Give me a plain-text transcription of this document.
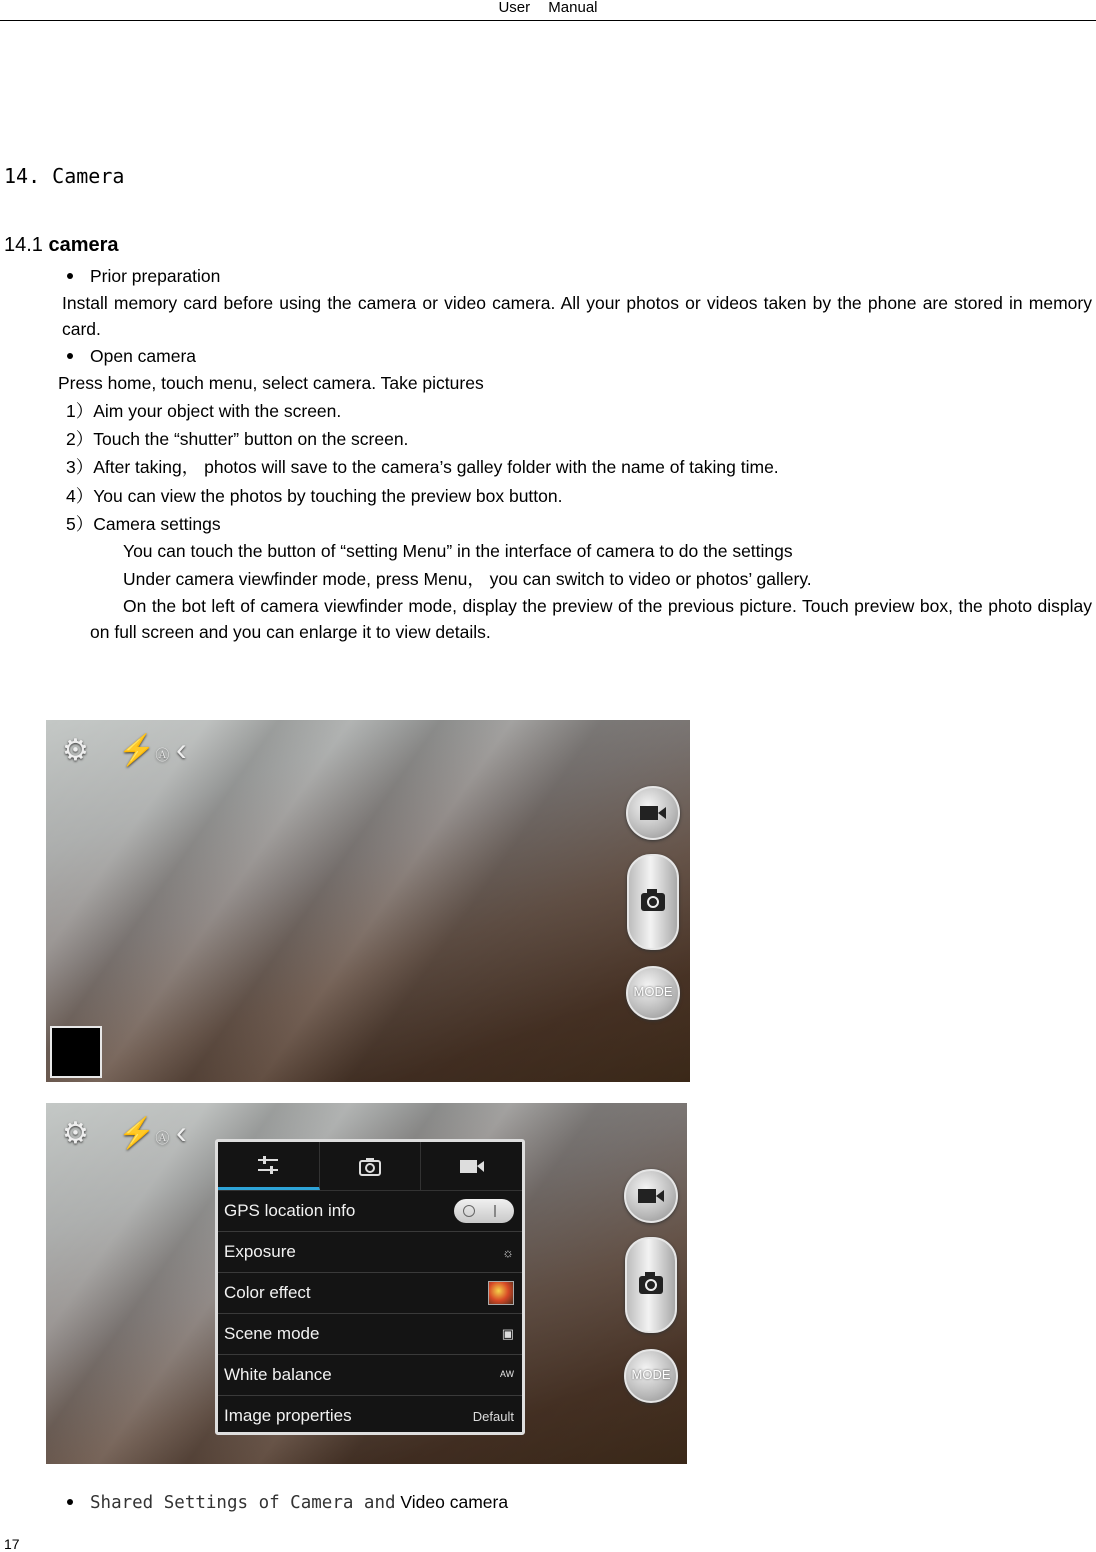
User Manual
14. Camera
14.1 camera
Prior preparation
Install memory card before using the camera or video camera. All your photos or videos taken by the phone are stored in memory card.
Open camera
Press home, touch menu, select camera. Take pictures
1）Aim your object with the screen.
2）Touch the “shutter” button on the screen.
3）After taking， photos will save to the camera’s galley folder with the name of taking time.
4）You can view the photos by touching the preview box button.
5）Camera settings
You can touch the button of “setting Menu” in the interface of camera to do the settings
Under camera viewfinder mode, press Menu， you can switch to video or photos’ gallery.
On the bot left of camera viewfinder mode, display the preview of the previous picture. Touch preview box, the photo display on full screen and you can enlarge it to view details.
⚙ ⚡Ⓐ ‹
MODE
⚙ ⚡Ⓐ ‹
GPS location info
Exposure	☼
Color effect
Scene mode	▣
White balance	ᴬᵂ
Image properties	Default
MODE
Shared Settings of Camera and Video camera
17
